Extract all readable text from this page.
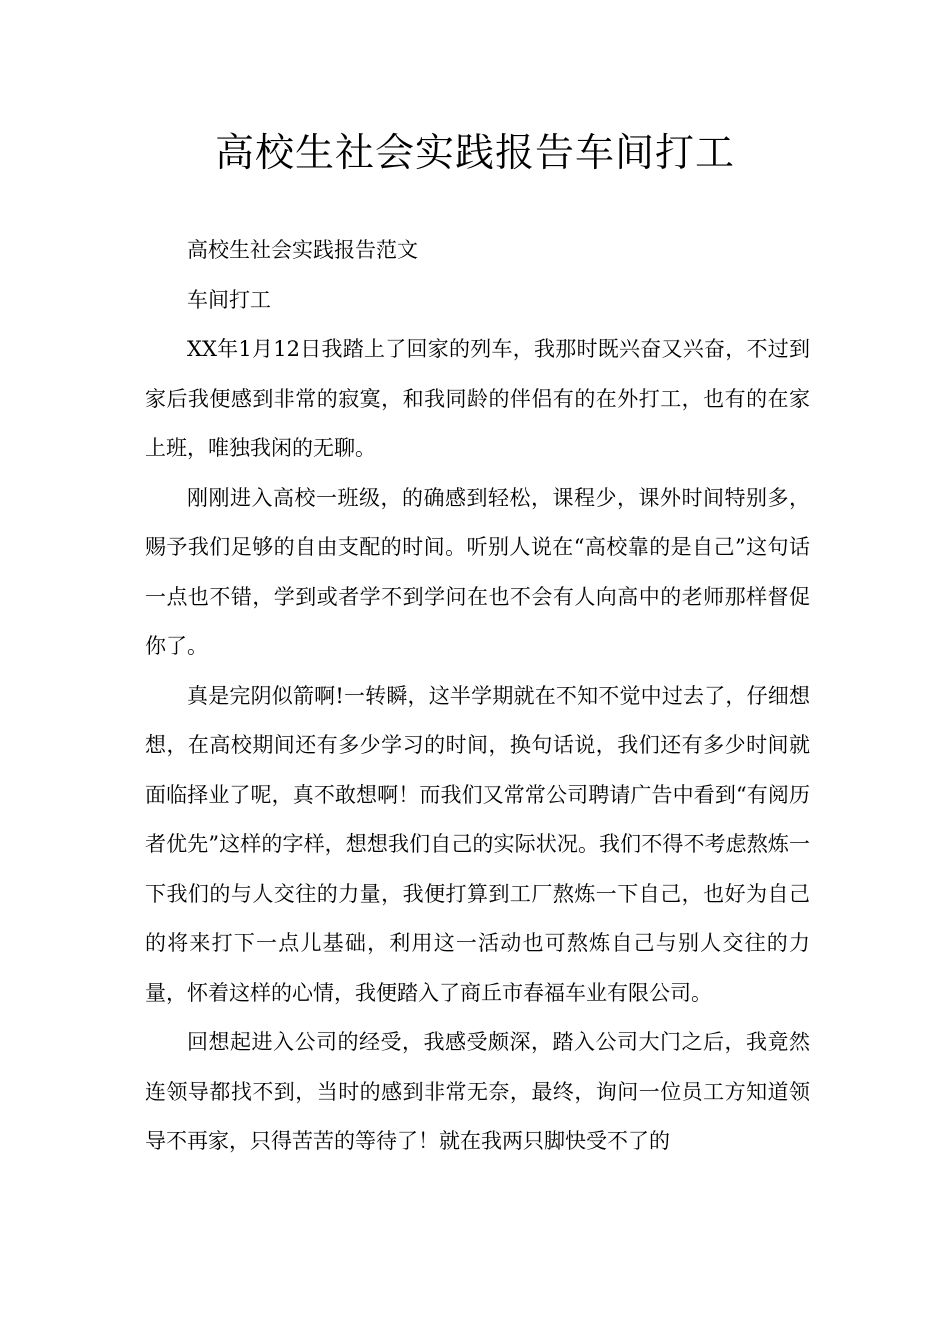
高校生社会实践报告车间打工

高校生社会实践报告范文

车间打工

XX年1月12日我踏上了回家的列车，我那时既兴奋又兴奋，不过到家后我便感到非常的寂寞，和我同龄的伴侣有的在外打工，也有的在家上班，唯独我闲的无聊。

刚刚进入高校一班级，的确感到轻松，课程少，课外时间特别多，赐予我们足够的自由支配的时间。听别人说在“高校靠的是自己”这句话一点也不错，学到或者学不到学问在也不会有人向高中的老师那样督促你了。

真是完阴似箭啊!一转瞬，这半学期就在不知不觉中过去了，仔细想想，在高校期间还有多少学习的时间，换句话说，我们还有多少时间就面临择业了呢，真不敢想啊！而我们又常常公司聘请广告中看到“有阅历者优先”这样的字样，想想我们自己的实际状况。我们不得不考虑熬炼一下我们的与人交往的力量，我便打算到工厂熬炼一下自己，也好为自己的将来打下一点儿基础，利用这一活动也可熬炼自己与别人交往的力量，怀着这样的心情，我便踏入了商丘市春福车业有限公司。

回想起进入公司的经受，我感受颇深，踏入公司大门之后，我竟然连领导都找不到，当时的感到非常无奈，最终，询问一位员工方知道领导不再家，只得苦苦的等待了！就在我两只脚快受不了的
